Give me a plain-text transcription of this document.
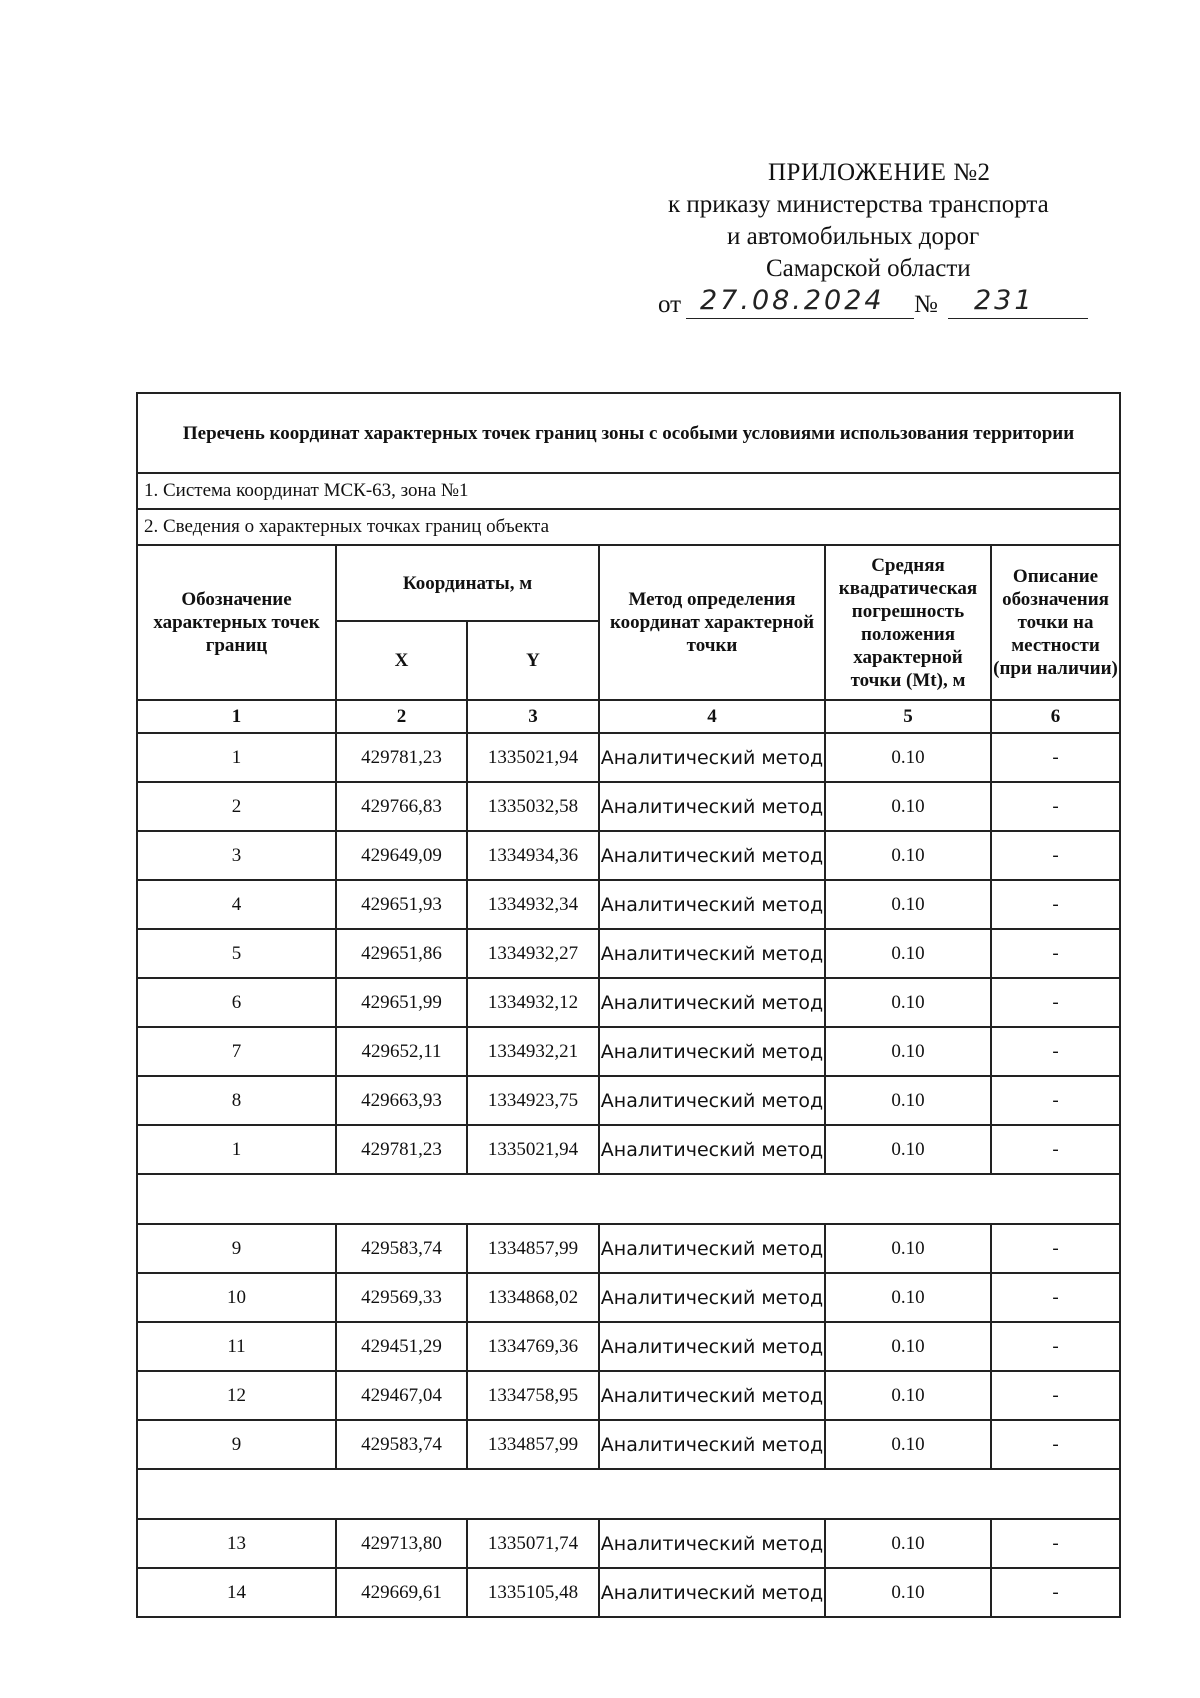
ПРИЛОЖЕНИЕ №2
к приказу министерства транспорта
и автомобильных дорог
Самарской области
от 27.08.2024 № 231
Перечень координат характерных точек границ зоны с особыми условиями использования территории					
1. Система координат МСК-63, зона №1					
2. Сведения о характерных точках границ объекта					
Обозначение характерных точек границ	Координаты, м		Метод определения координат характерной точки	Средняя квадратическая погрешность положения характерной точки (Mt), м	Описание обозначения точки на местности (при наличии)
	X	Y			
1	2	3	4	5	6
1	429781,23	1335021,94	Аналитический метод	0.10	-
2	429766,83	1335032,58	Аналитический метод	0.10	-
3	429649,09	1334934,36	Аналитический метод	0.10	-
4	429651,93	1334932,34	Аналитический метод	0.10	-
5	429651,86	1334932,27	Аналитический метод	0.10	-
6	429651,99	1334932,12	Аналитический метод	0.10	-
7	429652,11	1334932,21	Аналитический метод	0.10	-
8	429663,93	1334923,75	Аналитический метод	0.10	-
1	429781,23	1335021,94	Аналитический метод	0.10	-

9	429583,74	1334857,99	Аналитический метод	0.10	-
10	429569,33	1334868,02	Аналитический метод	0.10	-
11	429451,29	1334769,36	Аналитический метод	0.10	-
12	429467,04	1334758,95	Аналитический метод	0.10	-
9	429583,74	1334857,99	Аналитический метод	0.10	-

13	429713,80	1335071,74	Аналитический метод	0.10	-
14	429669,61	1335105,48	Аналитический метод	0.10	-
